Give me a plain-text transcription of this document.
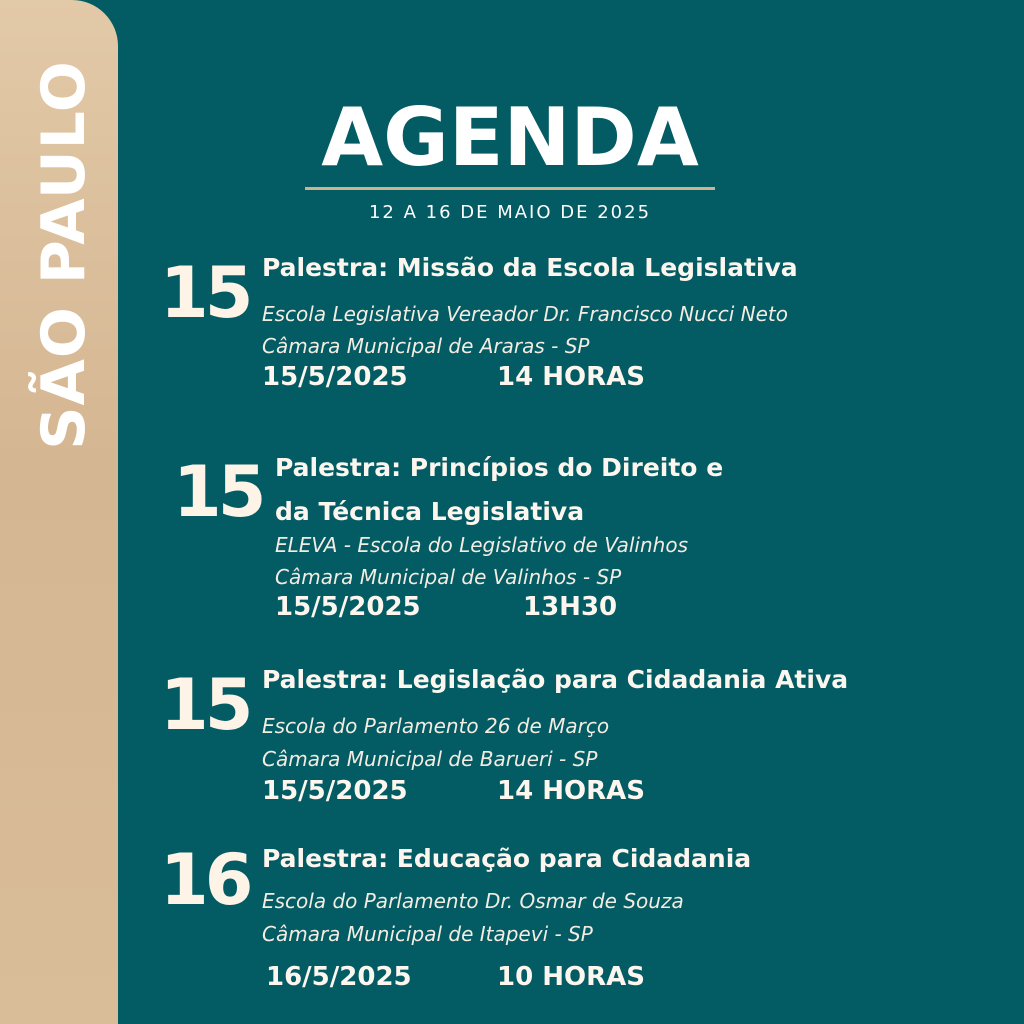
SÃO PAULO	AGENDA
12 A 16 DE MAIO DE 2025
15 Palestra: Missão da Escola Legislativa
Escola Legislativa Vereador Dr. Francisco Nucci Neto
Câmara Municipal de Araras - SP
15/5/2025	14 HORAS
15 Palestra: Princípios do Direito e
da Técnica Legislativa
ELEVA - Escola do Legislativo de Valinhos
Câmara Municipal de Valinhos - SP
15/5/2025	13H30
15 Palestra: Legislação para Cidadania Ativa
Escola do Parlamento 26 de Março
Câmara Municipal de Barueri - SP
15/5/2025	14 HORAS
16 Palestra: Educação para Cidadania
Escola do Parlamento Dr. Osmar de Souza
Câmara Municipal de Itapevi - SP
16/5/2025	10 HORAS
